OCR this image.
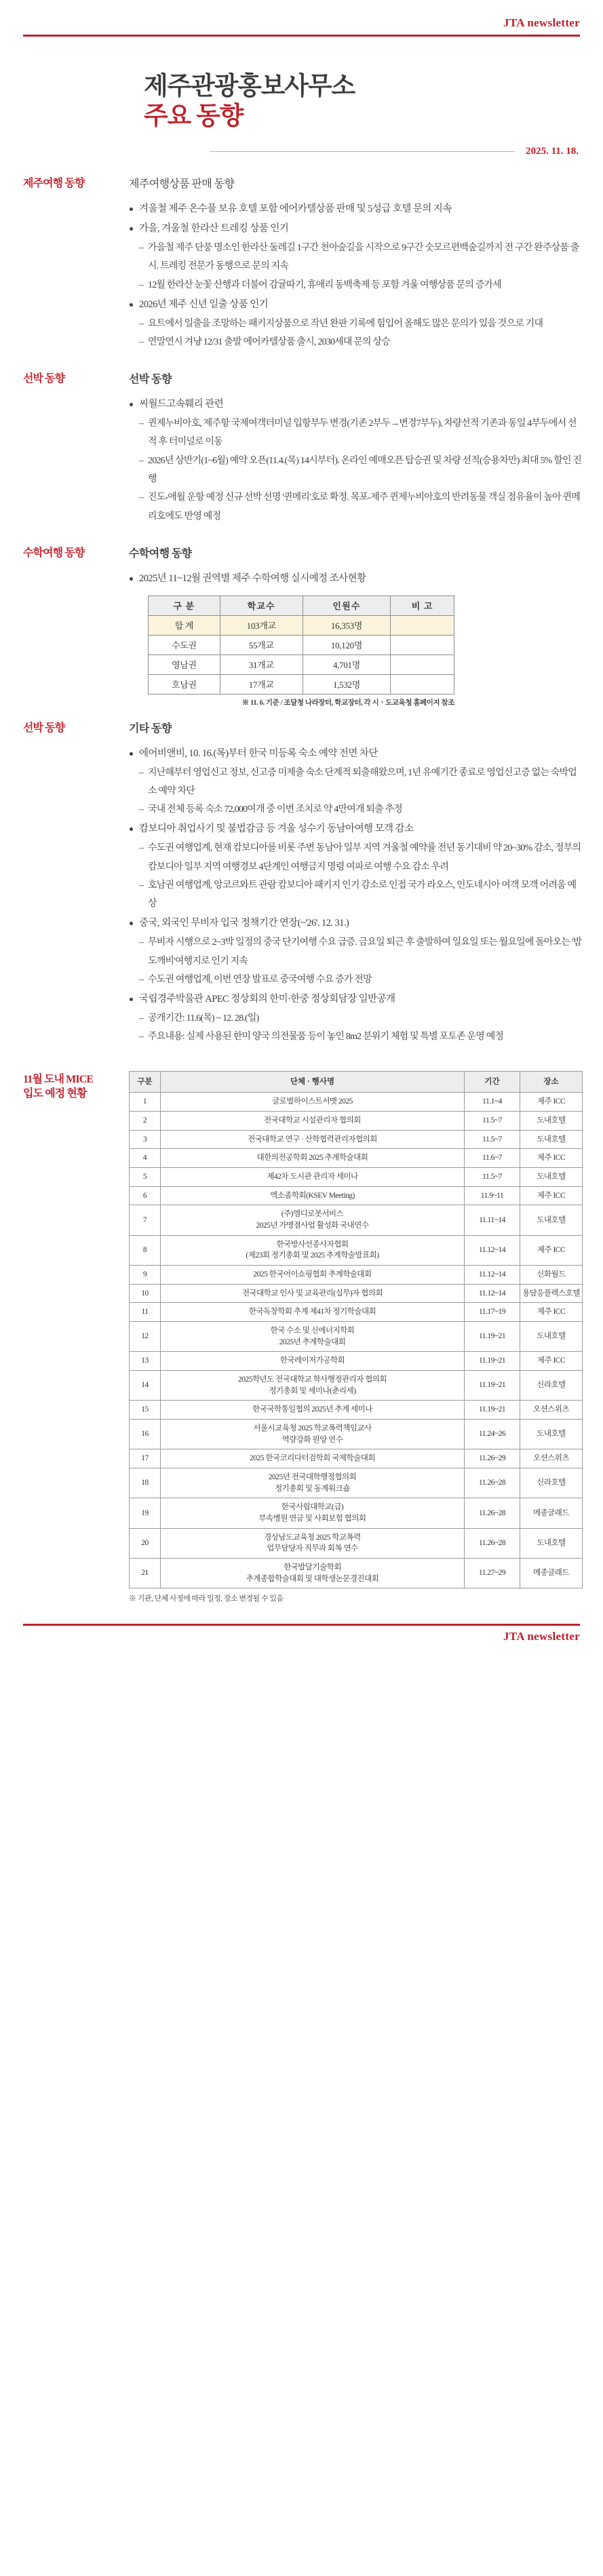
JTA newsletter
제주관광홍보사무소
주요 동향
2025. 11. 18.
제주여행 동향	제주여행상품 판매 동향
겨울철 제주 온수풀 보유 호텔 포함 에어카텔상품 판매 및 5성급 호텔 문의 지속
가을, 겨울철 한라산 트레킹 상품 인기
– 가을철 제주 단풍 명소인 한라산 둘레길 1구간 천아숲길을 시작으로 9구간 숫모르편백숲길까지 전 구간 완주상품 출시. 트레킹 전문가 동행으로 문의 지속
– 12월 한라산 눈꽃 산행과 더불어 감귤따기, 휴애리 동백축제 등 포함 겨울 여행상품 문의 증가세
2026년 제주 신년 일출 상품 인기
– 요트에서 일출을 조망하는 패키지상품으로 작년 완판 기록에 힘입어 올해도 많은 문의가 있을 것으로 기대
– 연말연시 겨냥 12/31 출발 에어카텔상품 출시, 2030세대 문의 상승
선박 동향	선박 동향
씨월드고속훼리 관련
– 퀸제누비아호, 제주항 국제여객터미널 입항부두 변경(기존 2부두→변경7부두), 차량선적 기존과 동일 4부두에서 선적 후 터미널로 이동
– 2026년 상반기(1~6월) 예약 오픈(11.4.(목) 14시부터). 온라인 예매오픈 탑승권 및 차량 선적(승용차만) 최대 5% 할인 진행
– 진도-애월 운항 예정 신규 선박 선명 '퀸메리'호로 확정. 목포-제주 퀸제누비아호의 반려동물 객실 점유율이 높아 퀸메리호에도 반영 예정
수학여행 동향	수학여행 동향
2025년 11~12월 권역별 제주 수학여행 실시예정 조사현황
구 분	학교수	인원수	비 고
합 계	103개교	16,353명	
수도권	55개교	10,120명	
영남권	31개교	4,701명	
호남권	17개교	1,532명	
※ 11. 6. 기준 / 조달청 나라장터, 학교장터, 각 시ㆍ도교육청 홈페이지 참조
선박 동향	기타 동향
에어비앤비, 10. 16.(목)부터 한국 미등록 숙소 예약 전면 차단
– 지난해부터 영업신고 정보, 신고증 미제출 숙소 단계적 퇴출해왔으며, 1년 유예기간 종료로 영업신고증 없는 숙박업소 예약 차단
– 국내 전체 등록 숙소 72,000여개 중 이번 조치로 약 4만여개 퇴출 추정
캄보디아 취업사기 및 불법감금 등 겨울 성수기 동남아여행 모객 감소
– 수도권 여행업계, 현재 캄보디아를 비롯 주변 동남아 일부 지역 겨울철 예약률 전년 동기대비 약 20~30% 감소, 정부의 캄보디아 일부 지역 여행경보 4단계인 여행금지 명령 여파로 여행 수요 감소 우려
– 호남권 여행업계, 앙코르와트 관람 캄보디아 패키지 인기 감소로 인접 국가 라오스, 인도네시아 여객 모객 어려움 예상
중국, 외국인 무비자 입국 정책기간 연장(~'26'. 12. 31.)
– 무비자 시행으로 2~3박 일정의 중국 단기여행 수요 급증. 금요일 퇴근 후 출발하여 일요일 또는 월요일에 돌아오는 '밤도깨비'여행지로 인기 지속
– 수도권 여행업계, 이번 연장 발표로 중국여행 수요 증가 전망
국립경주박물관 APEC 정상회의 한미·한중 정상회담장 일반공개
– 공개기간: 11.6(목) ~ 12. 28.(일)
– 주요내용: 실제 사용된 한미 양국 의전물품 등이 놓인 8m2 분위기 체험 및 특별 포토존 운영 예정
11월 도내 MICE
입도 예정 현황
구분	단체 · 행사명	기간	장소
1	글로벌하이스트서맷 2025	11.1~4	제주 ICC
2	전국대학교 시설관리자 협의회	11.5~7	도내호텔
3	전국대학교 연구 · 산학협력관리자협의회	11.5~7	도내호텔
4	대한의전공학회 2025 추계학술대회	11.6~7	제주 ICC
5	제42차 도시관 관리자 세미나	11.5~7	도내호텔
6	엑소좀학회(KSEV Meeting)	11.9~11	제주 ICC
7	(주)엠디로봇서비스
2025년 가맹점사업 활성화 국내연수	11.11~14	도내호텔
8	한국방사선종사자협회
(제23회 정기총회 및 2025 추계학술발표회)	11.12~14	제주 ICC
9	2025 한국어이쇼핑협회 추계학술대회	11.12~14	신화월드
10	전국대학교 인사 및 교육관리(실무)자 협의회	11.12~14	용담응플렉스호텔
11	한국독창학회 추계 제41차 정기학술대회	11.17~19	제주 ICC
12	한국 수소 및 신에너지학회
2025년 추계학술대회	11.19~21	도내호텔
13	한국레이저가공학회	11.19~21	제주 ICC
14	2025학년도 전국대학교 학사행정관리자 협의회
정기총회 및 세미나(춘리세)	11.19~21	신라호텔
15	한국국학통일협의 2025년 추계 세미나	11.19~21	오션스위츠
16	서울시교육청 2025 학교폭력책임교사
역량강화 뭔앙 연수	11.24~26	도내호텔
17	2025 한국코리다터검학회 국제학술대회	11.26~29	오션스위츠
18	2025년 전국대학행정협의회
정기총회 및 동계워크숍	11.26~28	신라호텔
19	한국사립대학교(급)
부속병원 연금 및 사회보험 협의회	11.26~28	메종글래드
20	경상남도교육청 2025 학교폭력
업무담당자 직무과 회복 연수	11.26~28	도내호텔
21	한국발달기술학회
추계종합학술대회 및 대학생논문경진대회	11.27~29	메종글래드
※ 기관, 단체 사정에 따라 일정, 장소 변경될 수 있음
JTA newsletter
